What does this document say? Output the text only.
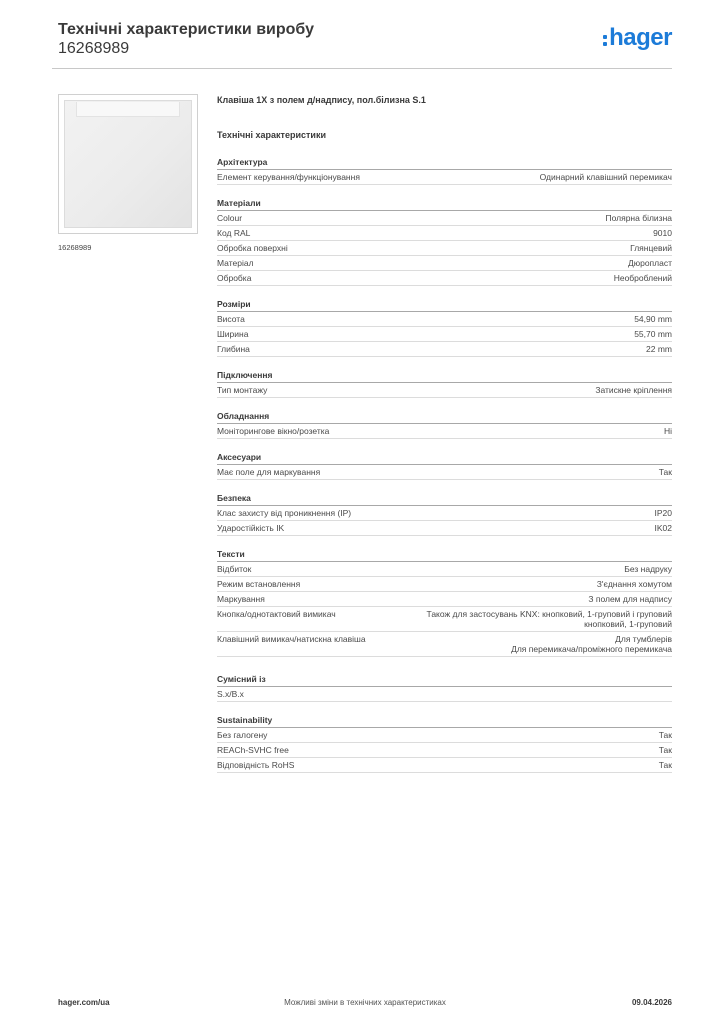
Технічні характеристики виробу
16268989	hager
16268989
Клавіша 1X з полем д/надпису, пол.білизна S.1
Технічні характеристики
Архітектура
Елемент керування/функціонування	Одинарний клавішний перемикач
Матеріали
Colour	Полярна білизна
Код RAL	9010
Обробка поверхні	Глянцевий
Матеріал	Дюропласт
Обробка	Необроблений
Розміри
Висота	54,90 mm
Ширина	55,70 mm
Глибина	22 mm
Підключення
Тип монтажу	Затискне кріплення
Обладнання
Моніторингове вікно/розетка	Ні
Аксесуари
Має поле для маркування	Так
Безпека
Клас захисту від проникнення (IP)	IP20
Ударостійкість IK	IK02
Тексти
Відбиток	Без надруку
Режим встановлення	З'єднання хомутом
Маркування	З полем для надпису
Кнопка/однотактовий вимикач	Також для застосувань KNX: кнопковий, 1-груповий і груповий
кнопковий, 1-груповий
Клавішний вимикач/натискна клавіша	Для тумблерів
Для перемикача/проміжного перемикача
Сумісний із
S.x/B.x
Sustainability
Без галогену	Так
REACh-SVHC free	Так
Відповідність RoHS	Так
hager.com/ua	Можливі зміни в технічних характеристиках	09.04.2026
